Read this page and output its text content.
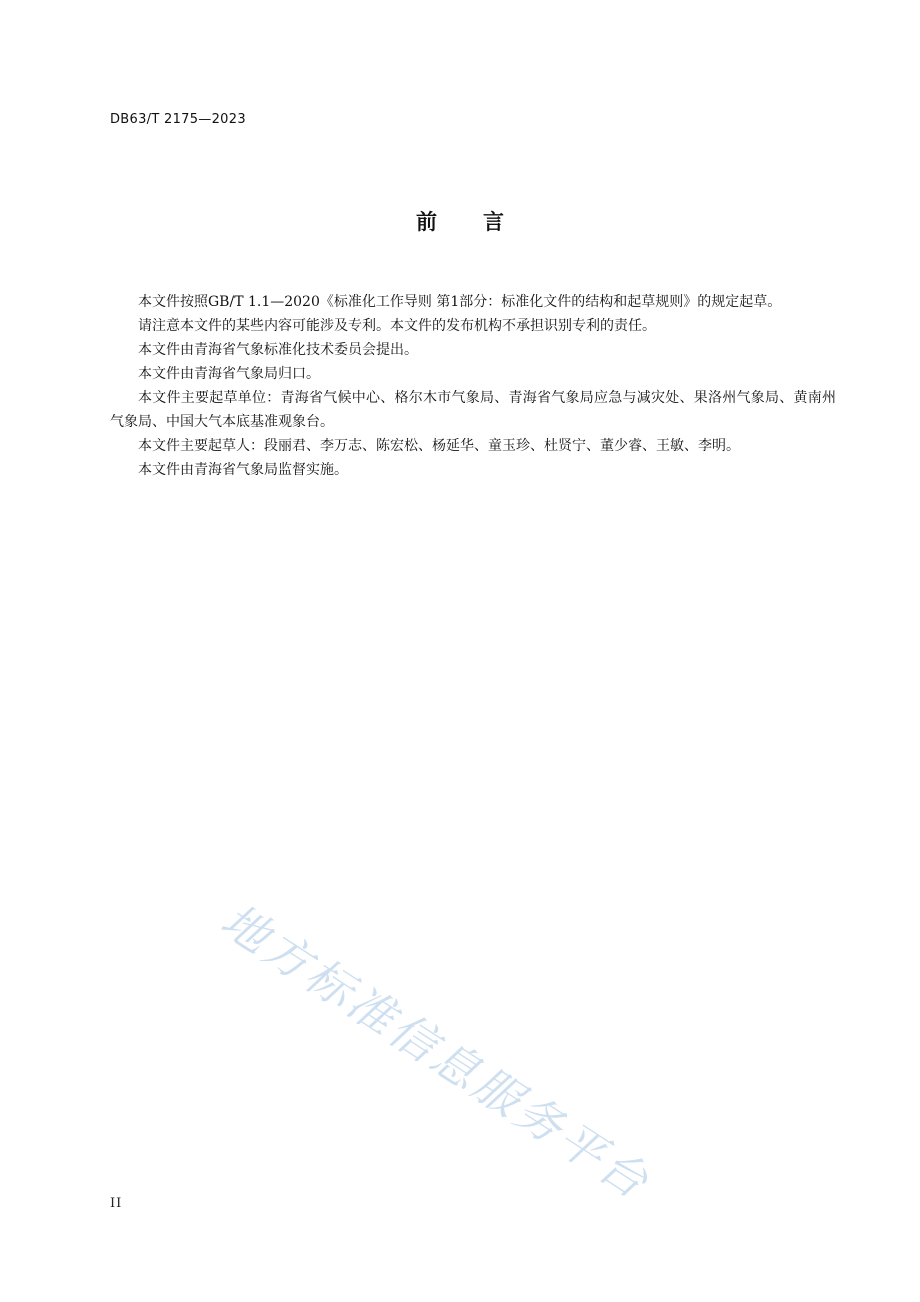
DB63/T 2175—2023
前言

本文件按照GB/T 1.1—2020《标准化工作导则 第1部分：标准化文件的结构和起草规则》的规定起草。

请注意本文件的某些内容可能涉及专利。本文件的发布机构不承担识别专利的责任。

本文件由青海省气象标准化技术委员会提出。

本文件由青海省气象局归口。

本文件主要起草单位：青海省气候中心、格尔木市气象局、青海省气象局应急与减灾处、果洛州气象局、黄南州气象局、中国大气本底基准观象台。

本文件主要起草人：段丽君、李万志、陈宏松、杨延华、童玉珍、杜贤宁、董少睿、王敏、李明。

本文件由青海省气象局监督实施。

地方标准信息服务平台
II
